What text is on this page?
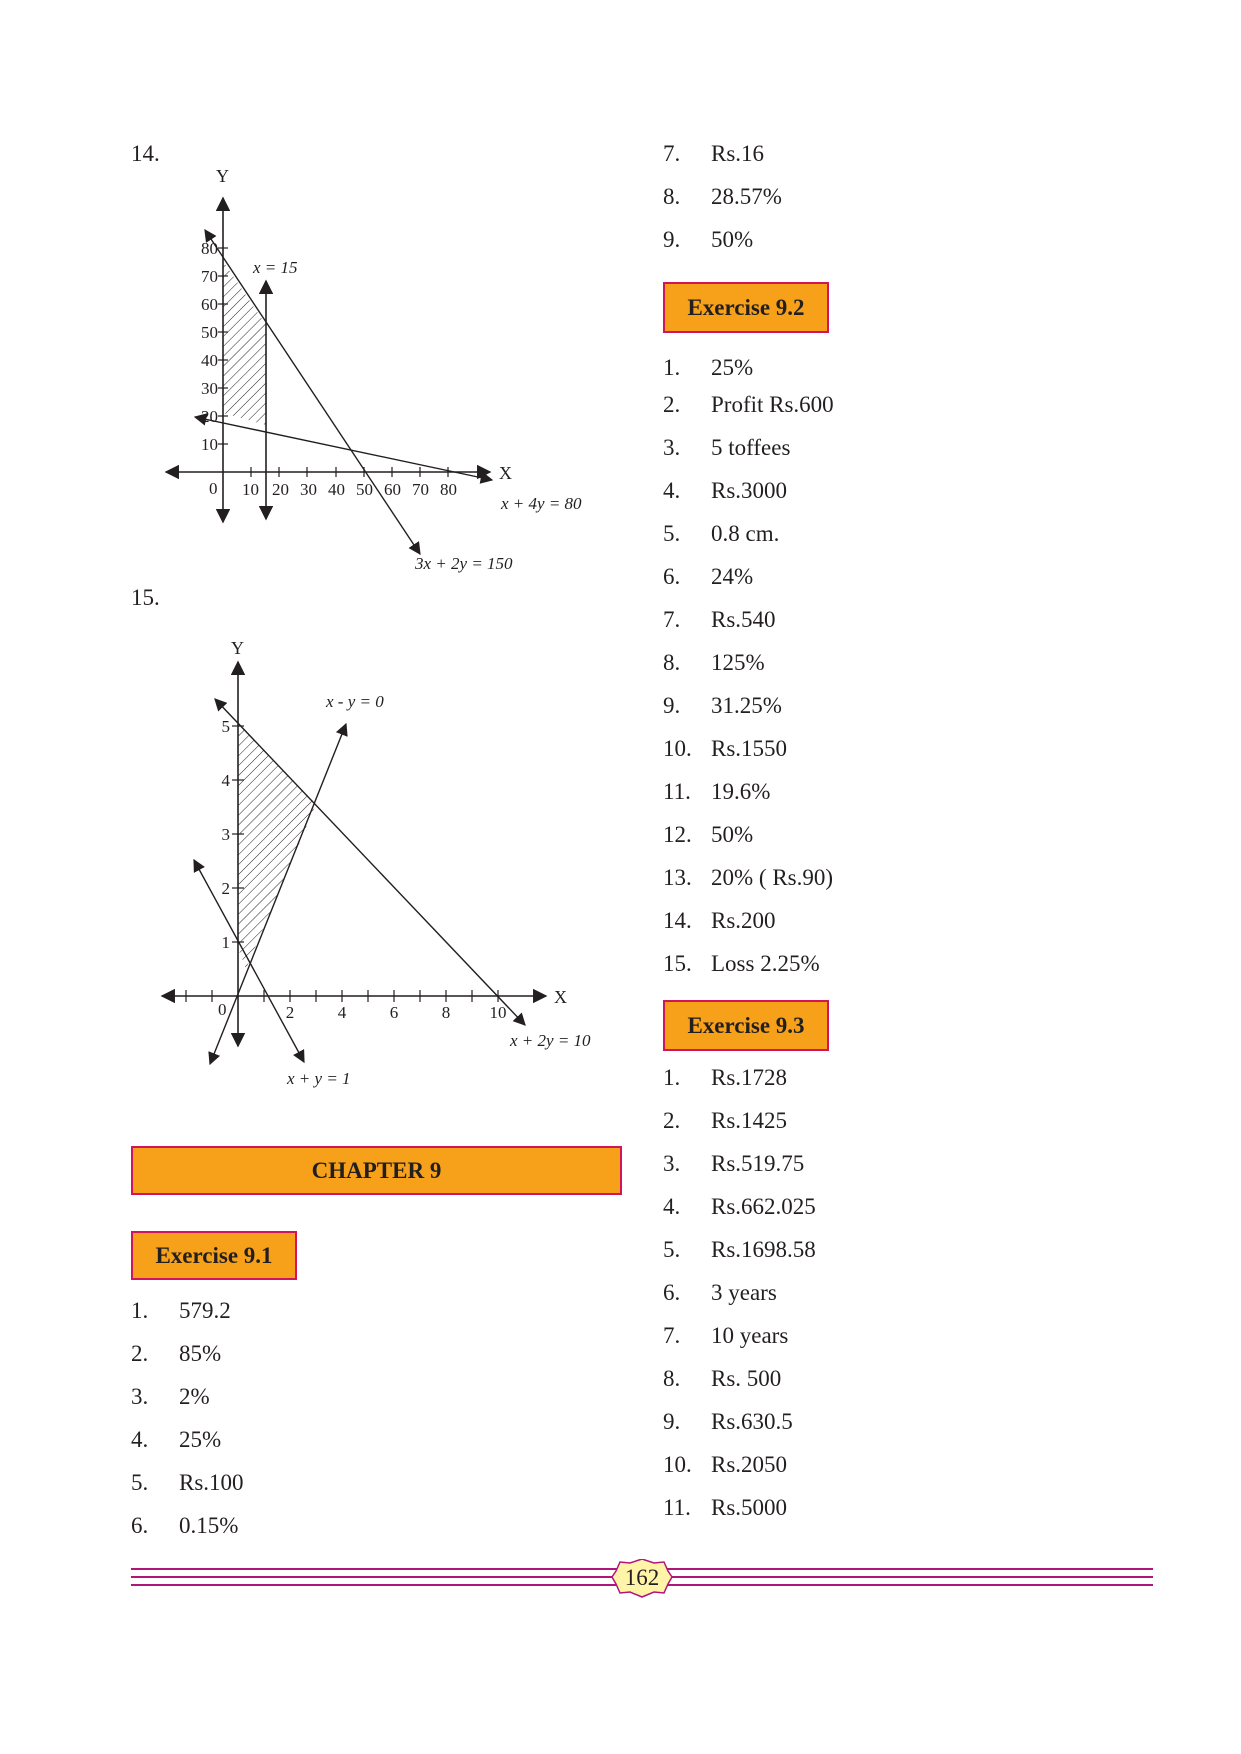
14.
Y
X
0 10 20 30 40 50 60 70 80
10
20
30
40
50
60
70
80
x = 15
x + 4y = 80
3x + 2y = 150
15.
Y
X
0	2	4	6	8 10
1
2
3
4
5
x - y = 0
x + 2y = 10
x + y = 1
CHAPTER 9
Exercise 9.1
1. 579.2
2. 85%
3. 2%
4. 25%
5. Rs.100
6. 0.15%
7. Rs.16
8. 28.57%
9. 50%
Exercise 9.2
1. 25%
2. Profit Rs.600
3. 5 toffees
4. Rs.3000
5. 0.8 cm.
6. 24%
7. Rs.540
8. 125%
9. 31.25%
10. Rs.1550
11. 19.6%
12. 50%
13. 20% ( Rs.90)
14. Rs.200
15. Loss 2.25%
Exercise 9.3
1. Rs.1728
2. Rs.1425
3. Rs.519.75
4. Rs.662.025
5. Rs.1698.58
6. 3 years
7. 10 years
8. Rs. 500
9. Rs.630.5
10. Rs.2050
11. Rs.5000
162
